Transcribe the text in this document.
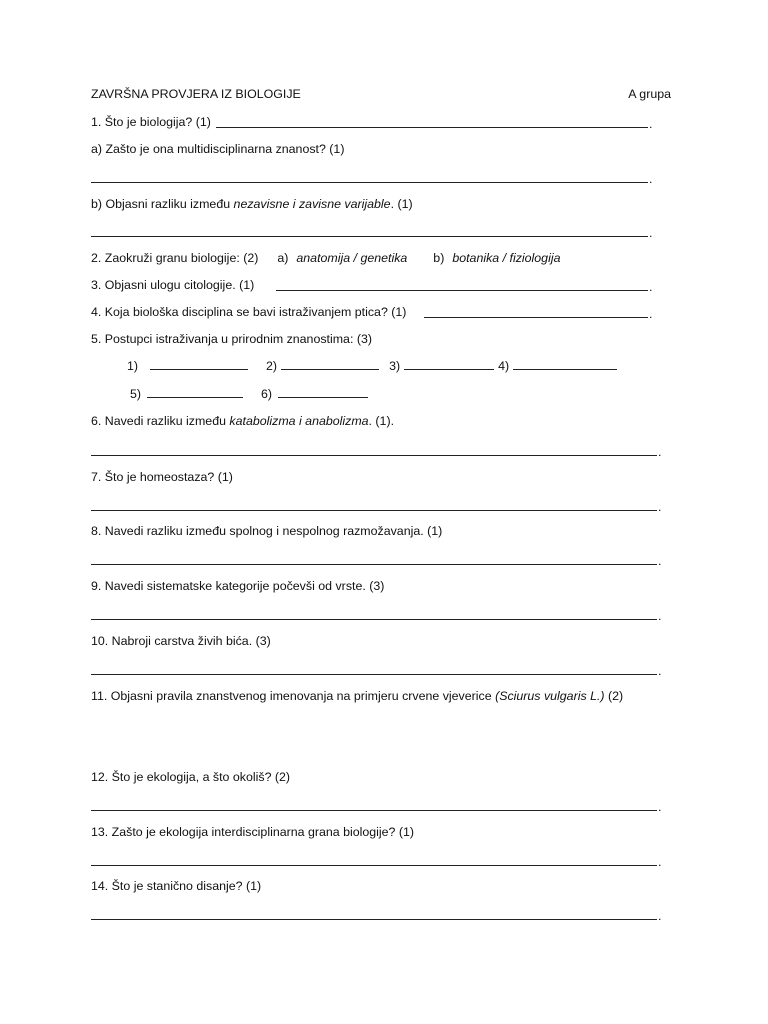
ZAVRŠNA PROVJERA IZ BIOLOGIJE	A grupa
1. Što je biologija? (1)	.
a) Zašto je ona multidisciplinarna znanost? (1)
.
b) Objasni razliku između nezavisne i zavisne varijable. (1)
.
2. Zaokruži granu biologije: (2) a) anatomija / genetika b) botanika / fiziologija
3. Objasni ulogu citologije. (1)	.
4. Koja biološka disciplina se bavi istraživanjem ptica? (1)	.
5. Postupci istraživanja u prirodnim znanostima: (3)
1)	2)	3)	4)
5)	6)
6. Navedi razliku između katabolizma i anabolizma. (1).
.
7. Što je homeostaza? (1)
.
8. Navedi razliku između spolnog i nespolnog razmožavanja. (1)
.
9. Navedi sistematske kategorije počevši od vrste. (3)
.
10. Nabroji carstva živih bića. (3)
.
11. Objasni pravila znanstvenog imenovanja na primjeru crvene vjeverice (Sciurus vulgaris L.) (2)
12. Što je ekologija, a što okoliš? (2)
.
13. Zašto je ekologija interdisciplinarna grana biologije? (1)
.
14. Što je stanično disanje? (1)
.
